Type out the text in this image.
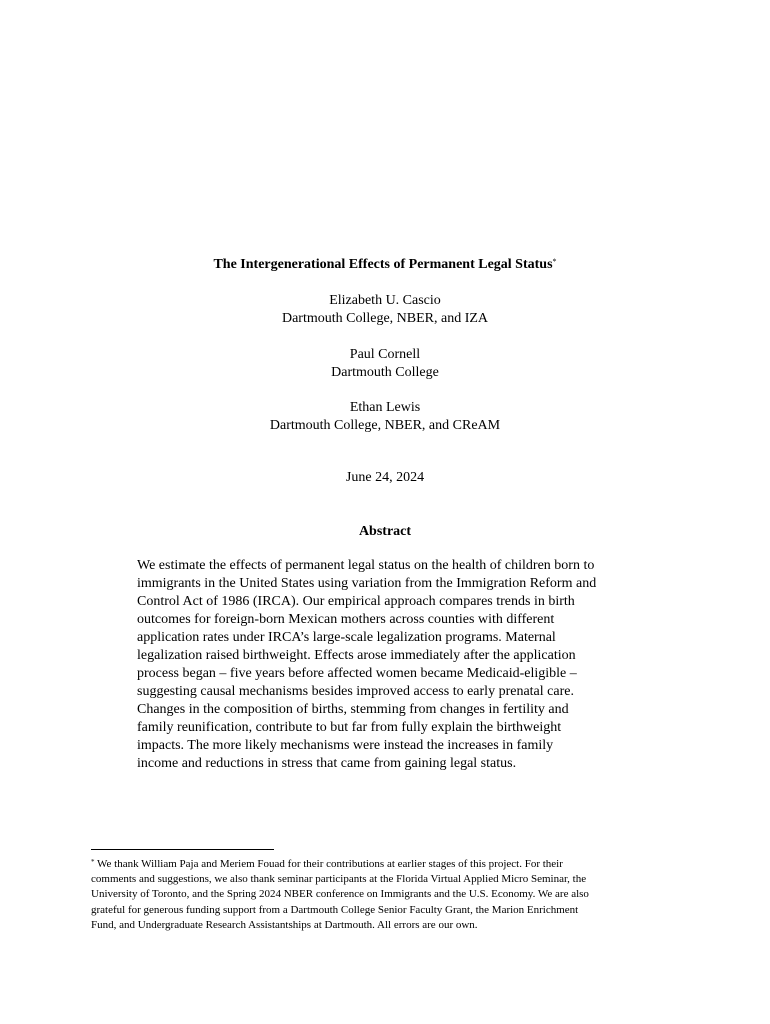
The Intergenerational Effects of Permanent Legal Status*
Elizabeth U. Cascio
Dartmouth College, NBER, and IZA
Paul Cornell
Dartmouth College
Ethan Lewis
Dartmouth College, NBER, and CReAM
June 24, 2024
Abstract
We estimate the effects of permanent legal status on the health of children born to
immigrants in the United States using variation from the Immigration Reform and
Control Act of 1986 (IRCA). Our empirical approach compares trends in birth
outcomes for foreign-born Mexican mothers across counties with different
application rates under IRCA’s large-scale legalization programs. Maternal
legalization raised birthweight. Effects arose immediately after the application
process began – five years before affected women became Medicaid-eligible –
suggesting causal mechanisms besides improved access to early prenatal care.
Changes in the composition of births, stemming from changes in fertility and
family reunification, contribute to but far from fully explain the birthweight
impacts. The more likely mechanisms were instead the increases in family
income and reductions in stress that came from gaining legal status.
* We thank William Paja and Meriem Fouad for their contributions at earlier stages of this project. For their
comments and suggestions, we also thank seminar participants at the Florida Virtual Applied Micro Seminar, the
University of Toronto, and the Spring 2024 NBER conference on Immigrants and the U.S. Economy. We are also
grateful for generous funding support from a Dartmouth College Senior Faculty Grant, the Marion Enrichment
Fund, and Undergraduate Research Assistantships at Dartmouth. All errors are our own.
